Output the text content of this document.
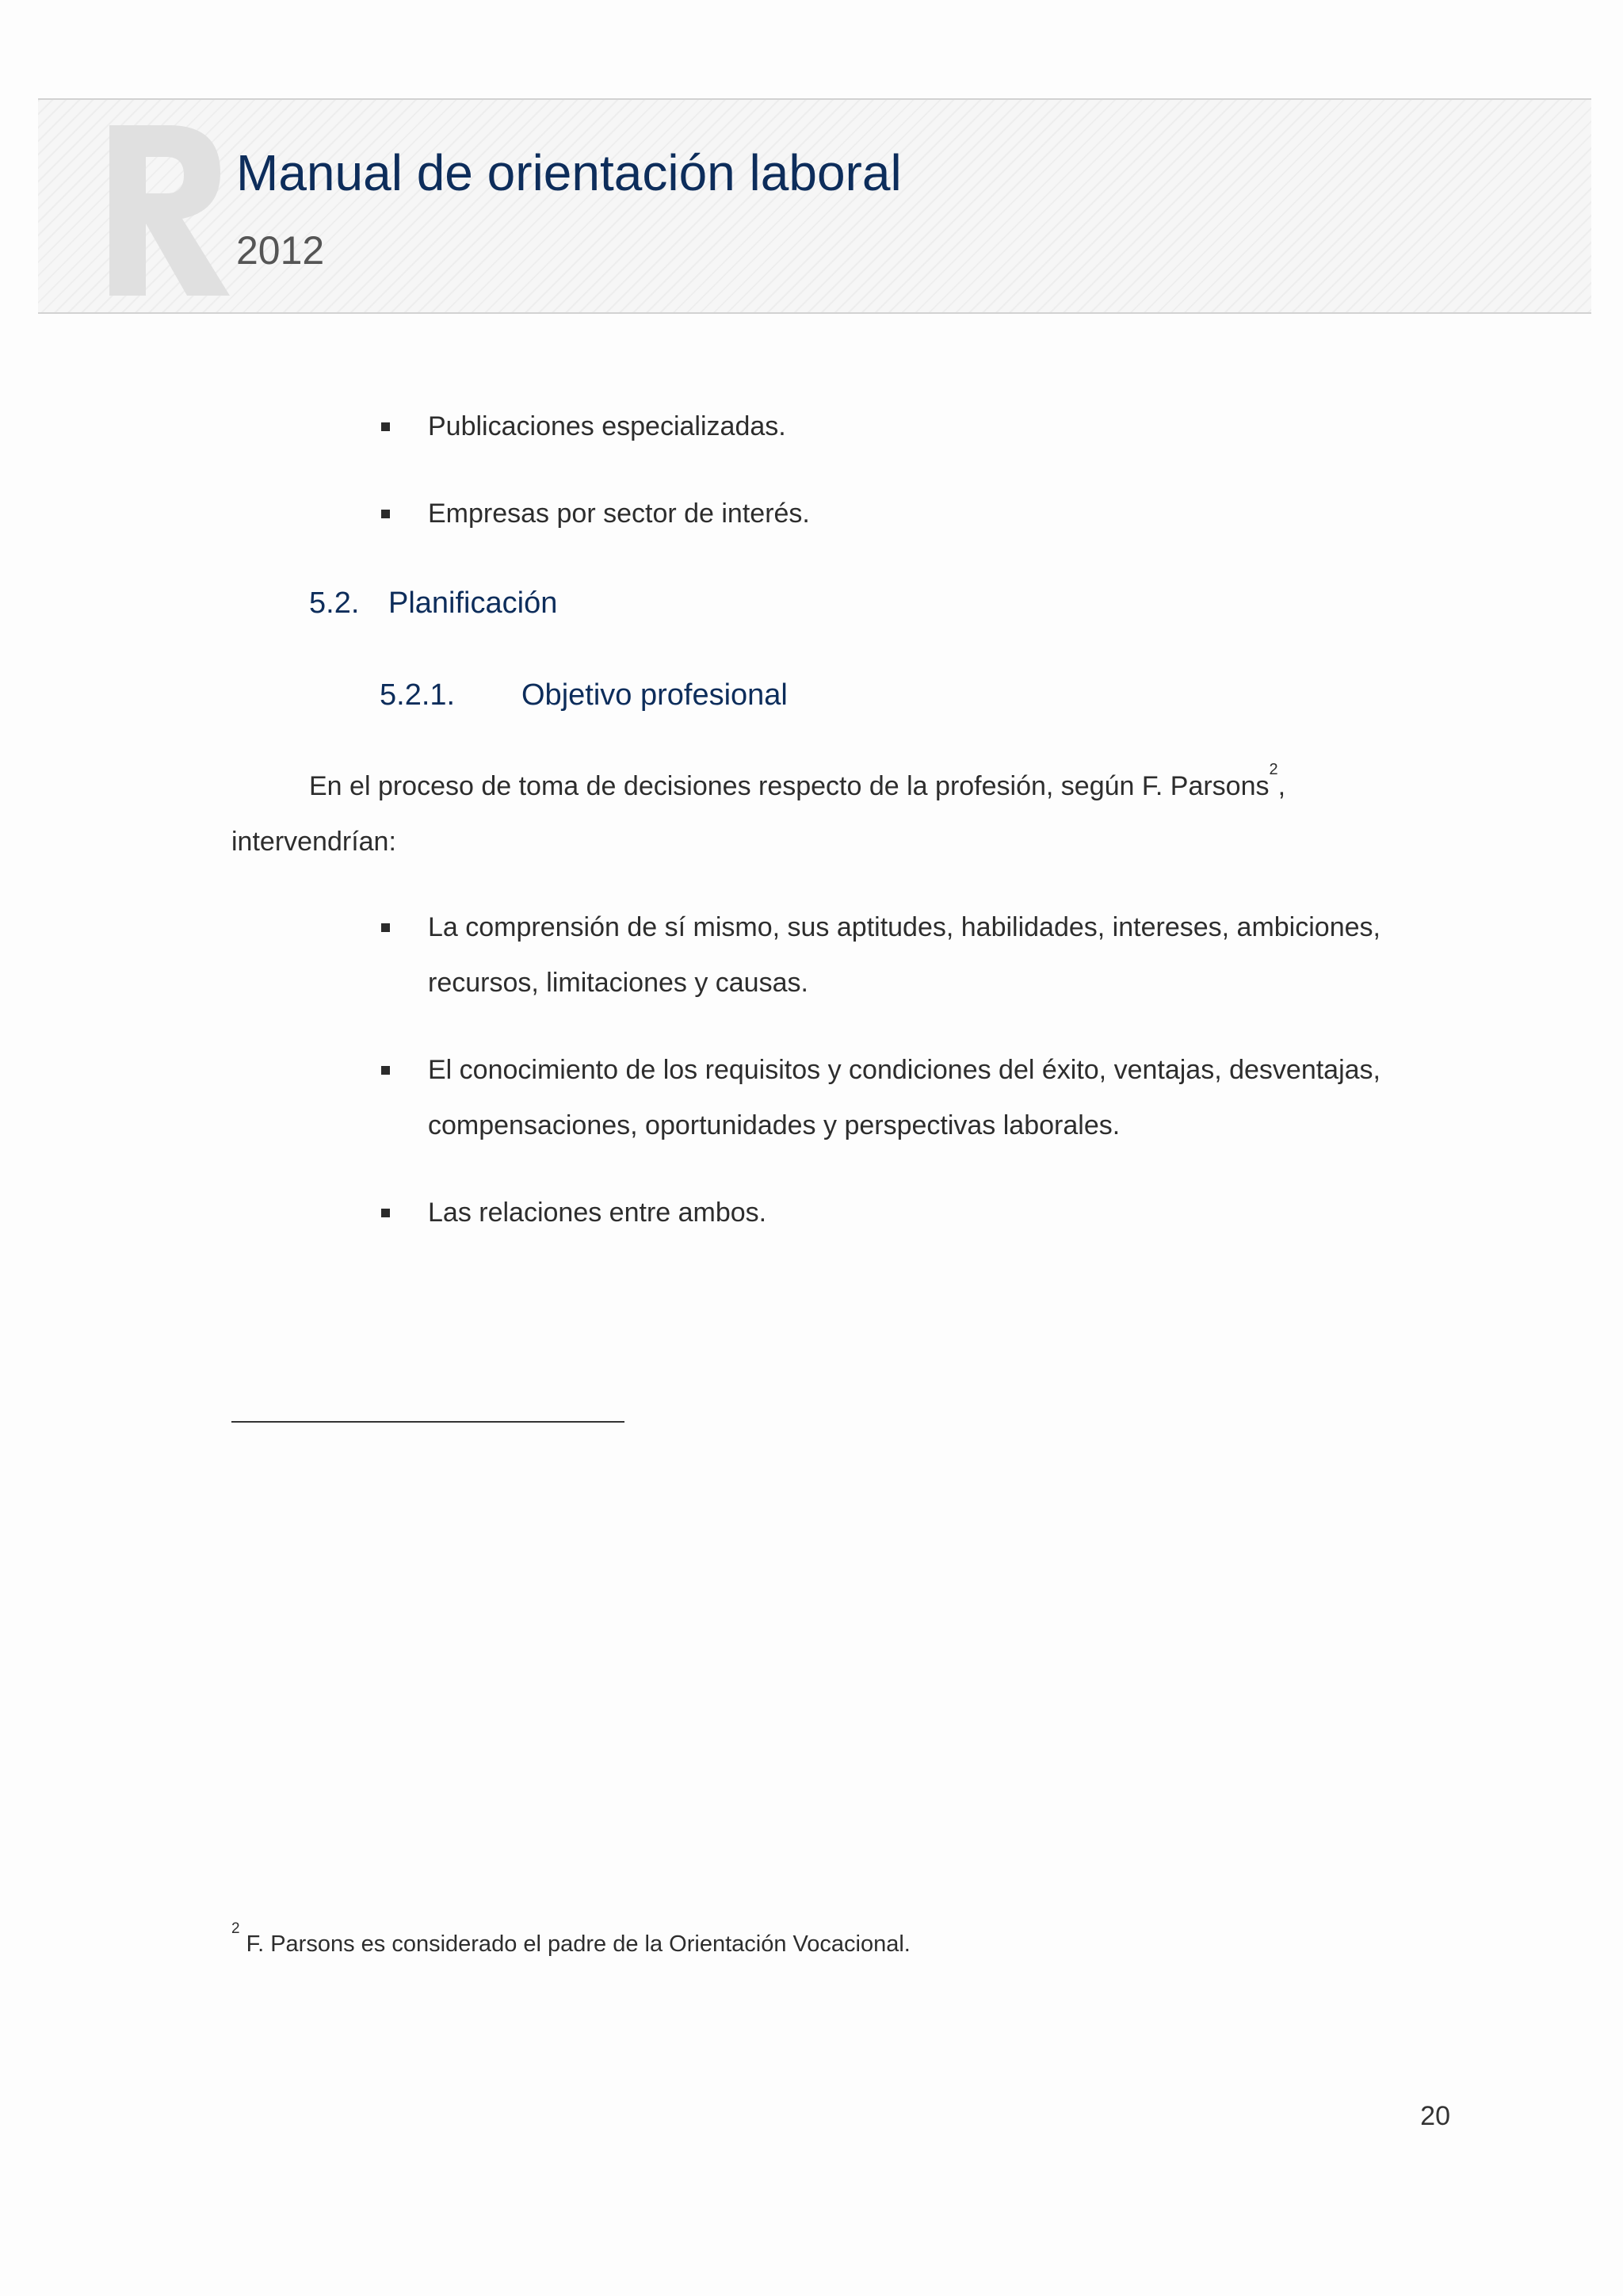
Manual de orientación laboral
2012
Publicaciones especializadas.
Empresas por sector de interés.
5.2. Planificación
5.2.1. Objetivo profesional
En el proceso de toma de decisiones respecto de la profesión, según F. Parsons$^2$,
intervendrían:
La comprensión de sí mismo, sus aptitudes, habilidades, intereses, ambiciones,
recursos, limitaciones y causas.
El conocimiento de los requisitos y condiciones del éxito, ventajas, desventajas,
compensaciones, oportunidades y perspectivas laborales.
Las relaciones entre ambos.
$^2$F. Parsons es considerado el padre de la Orientación Vocacional.
20
